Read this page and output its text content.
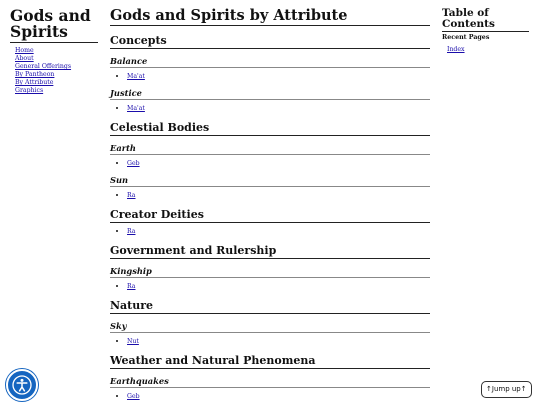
Gods and Spirits
Home
About
General Offerings
By Pantheon
By Attribute
Graphics
Gods and Spirits by Attribute
Concepts
Balance
• Ma'at
Justice
• Ma'at
Celestial Bodies
Earth
• Geb
Sun
• Ra
Creator Deities
• Ra
Government and Rulership
Kingship
• Ra
Nature
Sky
• Nut
Weather and Natural Phenomena
Earthquakes
• Geb
Table of Contents
Recent Pages
Index
↑Jump up↑
